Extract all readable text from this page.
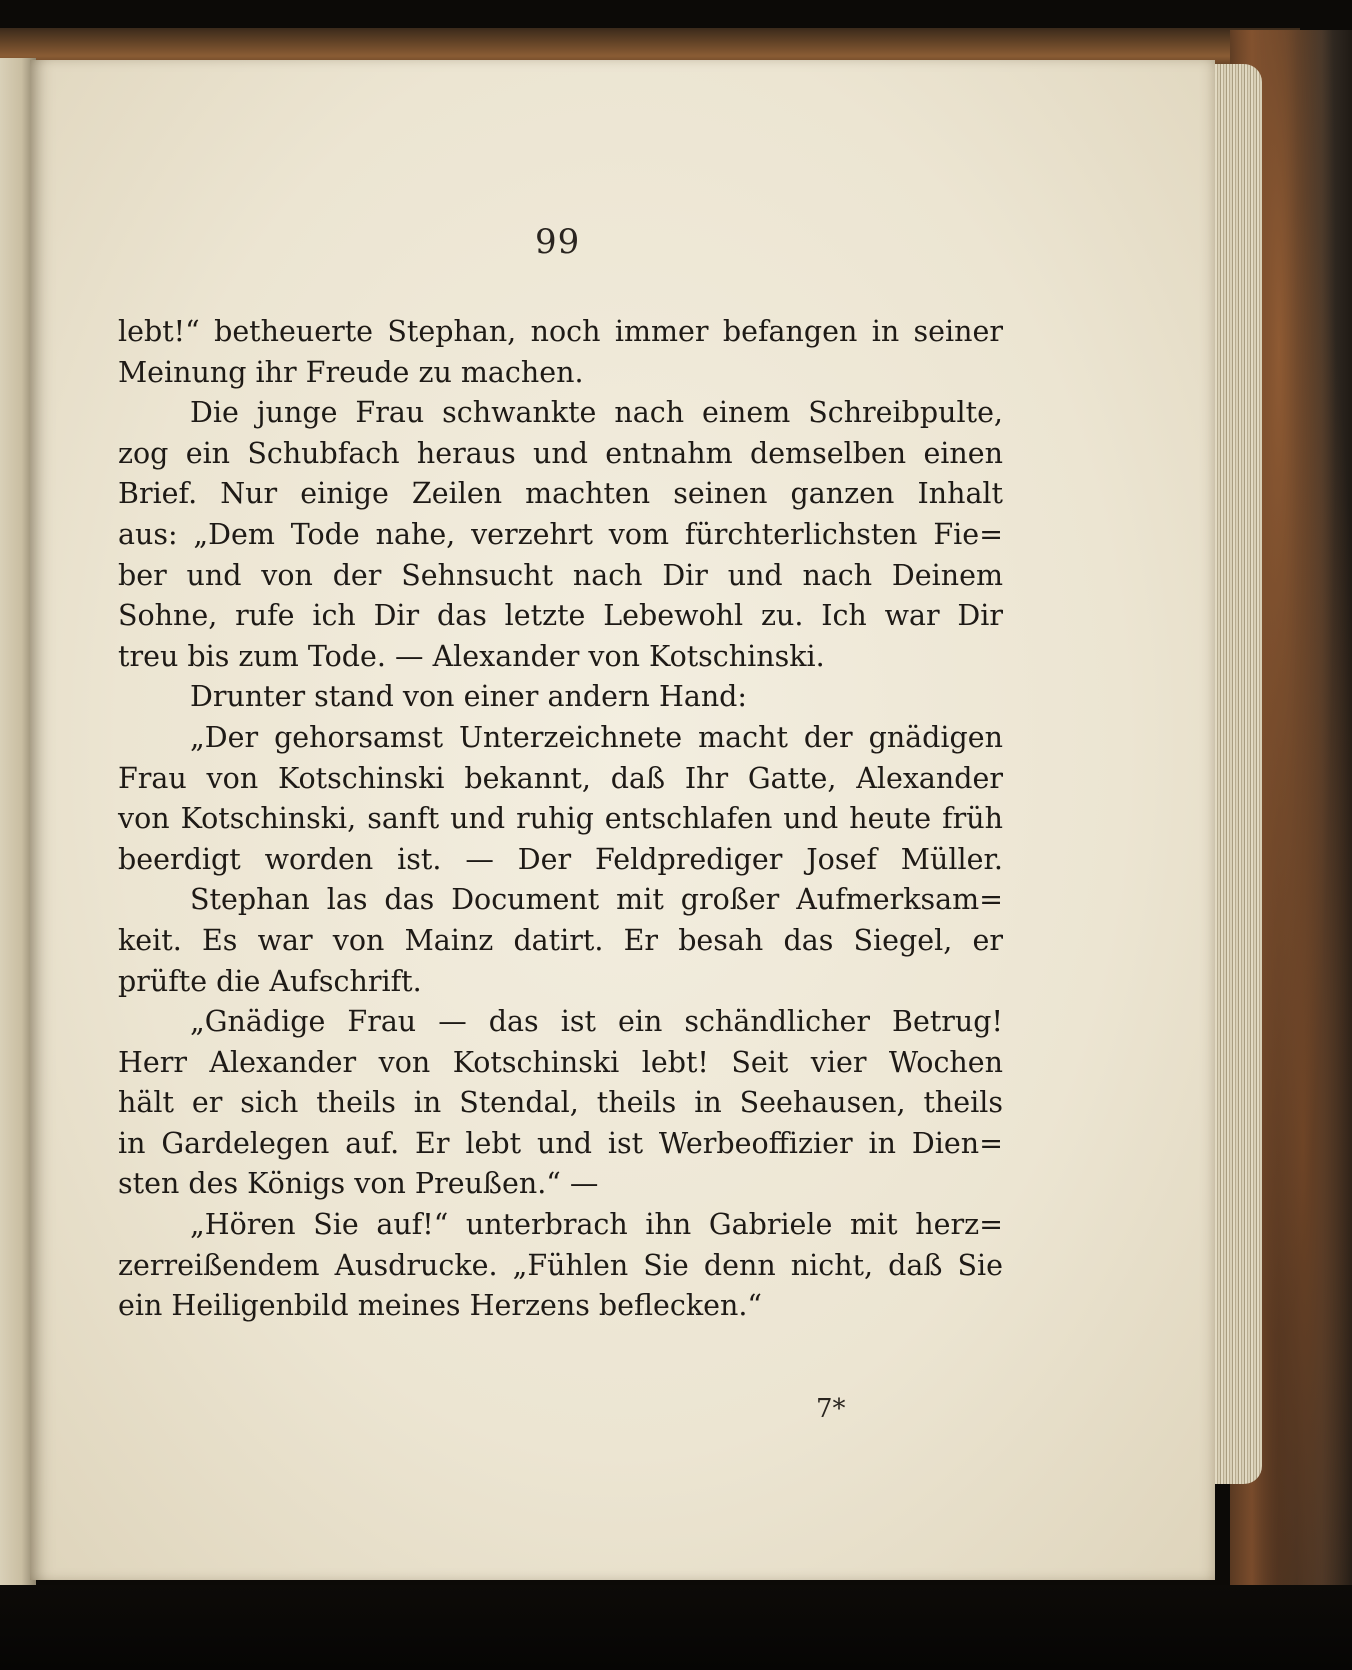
99
lebt!“ betheuerte Stephan, noch immer befangen in seiner
Meinung ihr Freude zu machen.
Die junge Frau schwankte nach einem Schreibpulte,
zog ein Schubfach heraus und entnahm demselben einen
Brief. Nur einige Zeilen machten seinen ganzen Inhalt
aus: „Dem Tode nahe, verzehrt vom fürchterlichsten Fie=
ber und von der Sehnsucht nach Dir und nach Deinem
Sohne, rufe ich Dir das letzte Lebewohl zu. Ich war Dir
treu bis zum Tode. — Alexander von Kotschinski.
Drunter stand von einer andern Hand:
„Der gehorsamst Unterzeichnete macht der gnädigen
Frau von Kotschinski bekannt, daß Ihr Gatte, Alexander
von Kotschinski, sanft und ruhig entschlafen und heute früh
beerdigt worden ist. — Der Feldprediger Josef Müller.
Stephan las das Document mit großer Aufmerksam=
keit. Es war von Mainz datirt. Er besah das Siegel, er
prüfte die Aufschrift.
„Gnädige Frau — das ist ein schändlicher Betrug!
Herr Alexander von Kotschinski lebt! Seit vier Wochen
hält er sich theils in Stendal, theils in Seehausen, theils
in Gardelegen auf. Er lebt und ist Werbeoffizier in Dien=
sten des Königs von Preußen.“ —
„Hören Sie auf!“ unterbrach ihn Gabriele mit herz=
zerreißendem Ausdrucke. „Fühlen Sie denn nicht, daß Sie
ein Heiligenbild meines Herzens beflecken.“
7*
